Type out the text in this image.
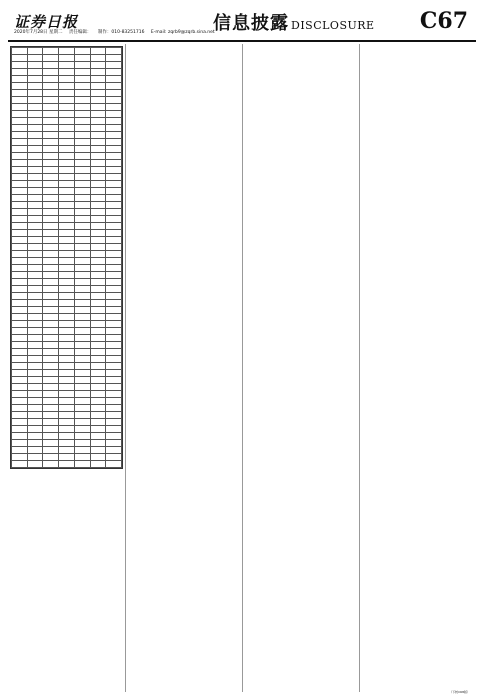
证券日报
2020年7月28日 星期二 责任编辑： 制作：010-83251716 E-mail: zqrb9@zqrb.sina.net
信息披露 DISCLOSURE C67

（下转C68版）
